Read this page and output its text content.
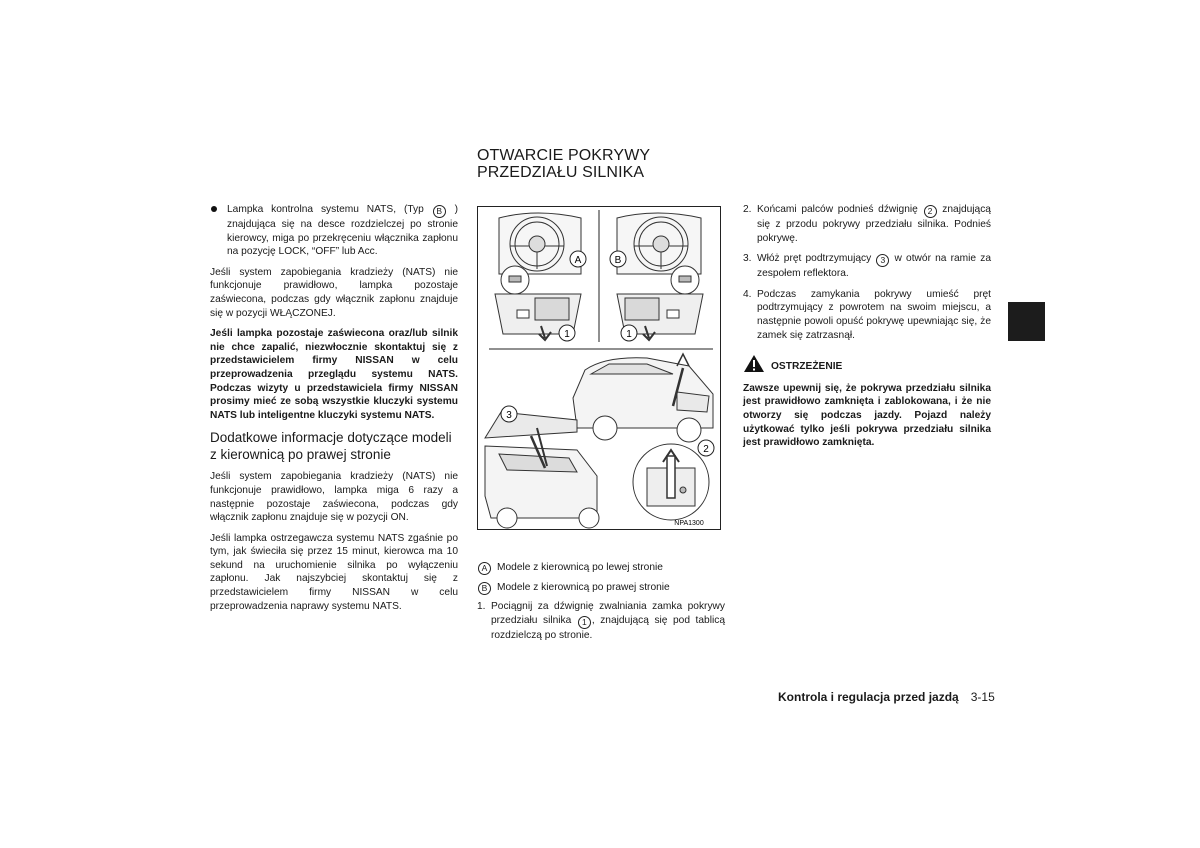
OTWARCIE POKRYWY
PRZEDZIAŁU SILNIKA
Lampka kontrolna systemu NATS, (Typ B ) znajdująca się na desce rozdzielczej po stronie kierowcy, miga po przekręceniu włącznika zapłonu na pozycję LOCK, “OFF” lub Acc.

Jeśli system zapobiegania kradzieży (NATS) nie funkcjonuje prawidłowo, lampka pozostaje zaświecona, podczas gdy włącznik zapłonu znajduje się w pozycji WŁĄCZONEJ.

Jeśli lampka pozostaje zaświecona oraz/lub silnik nie chce zapalić, niezwłocznie skontaktuj się z przedstawicielem firmy NISSAN w celu przeprowadzenia przeglądu systemu NATS. Podczas wizyty u przedstawiciela firmy NISSAN prosimy mieć ze sobą wszystkie kluczyki systemu NATS lub inteligentne kluczyki systemu NATS.

Dodatkowe informacje dotyczące modeli z kierownicą po prawej stronie

Jeśli system zapobiegania kradzieży (NATS) nie funkcjonuje prawidłowo, lampka miga 6 razy a następnie pozostaje zaświecona, podczas gdy włącznik zapłonu znajduje się w pozycji ON.

Jeśli lampka ostrzegawcza systemu NATS zgaśnie po tym, jak świeciła się przez 15 minut, kierowca ma 10 sekund na uruchomienie silnika po wyłączeniu zapłonu. Jak najszybciej skontaktuj się z przedstawicielem firmy NISSAN w celu przeprowadzenia naprawy systemu NATS.

A
1
B
1
3
2
NPA1300
A Modele z kierownicą po lewej stronie
B Modele z kierownicą po prawej stronie
1. Pociągnij za dźwignię zwalniania zamka pokrywy przedziału silnika 1 , znajdującą się pod tablicą rozdzielczą po stronie.
2. Końcami palców podnieś dźwignię 2 znajdującą się z przodu pokrywy przedziału silnika. Podnieś pokrywę.
3. Włóż pręt podtrzymujący 3 w otwór na ramie za zespołem reflektora.
4. Podczas zamykania pokrywy umieść pręt podtrzymujący z powrotem na swoim miejscu, a następnie powoli opuść pokrywę upewniając się, że zamek się zatrzasnął.
OSTRZEŻENIE

Zawsze upewnij się, że pokrywa przedziału silnika jest prawidłowo zamknięta i zablokowana, i że nie otworzy się podczas jazdy. Pojazd należy użytkować tylko jeśli pokrywa przedziału silnika jest prawidłowo zamknięta.

Kontrola i regulacja przed jazdą 3-15
